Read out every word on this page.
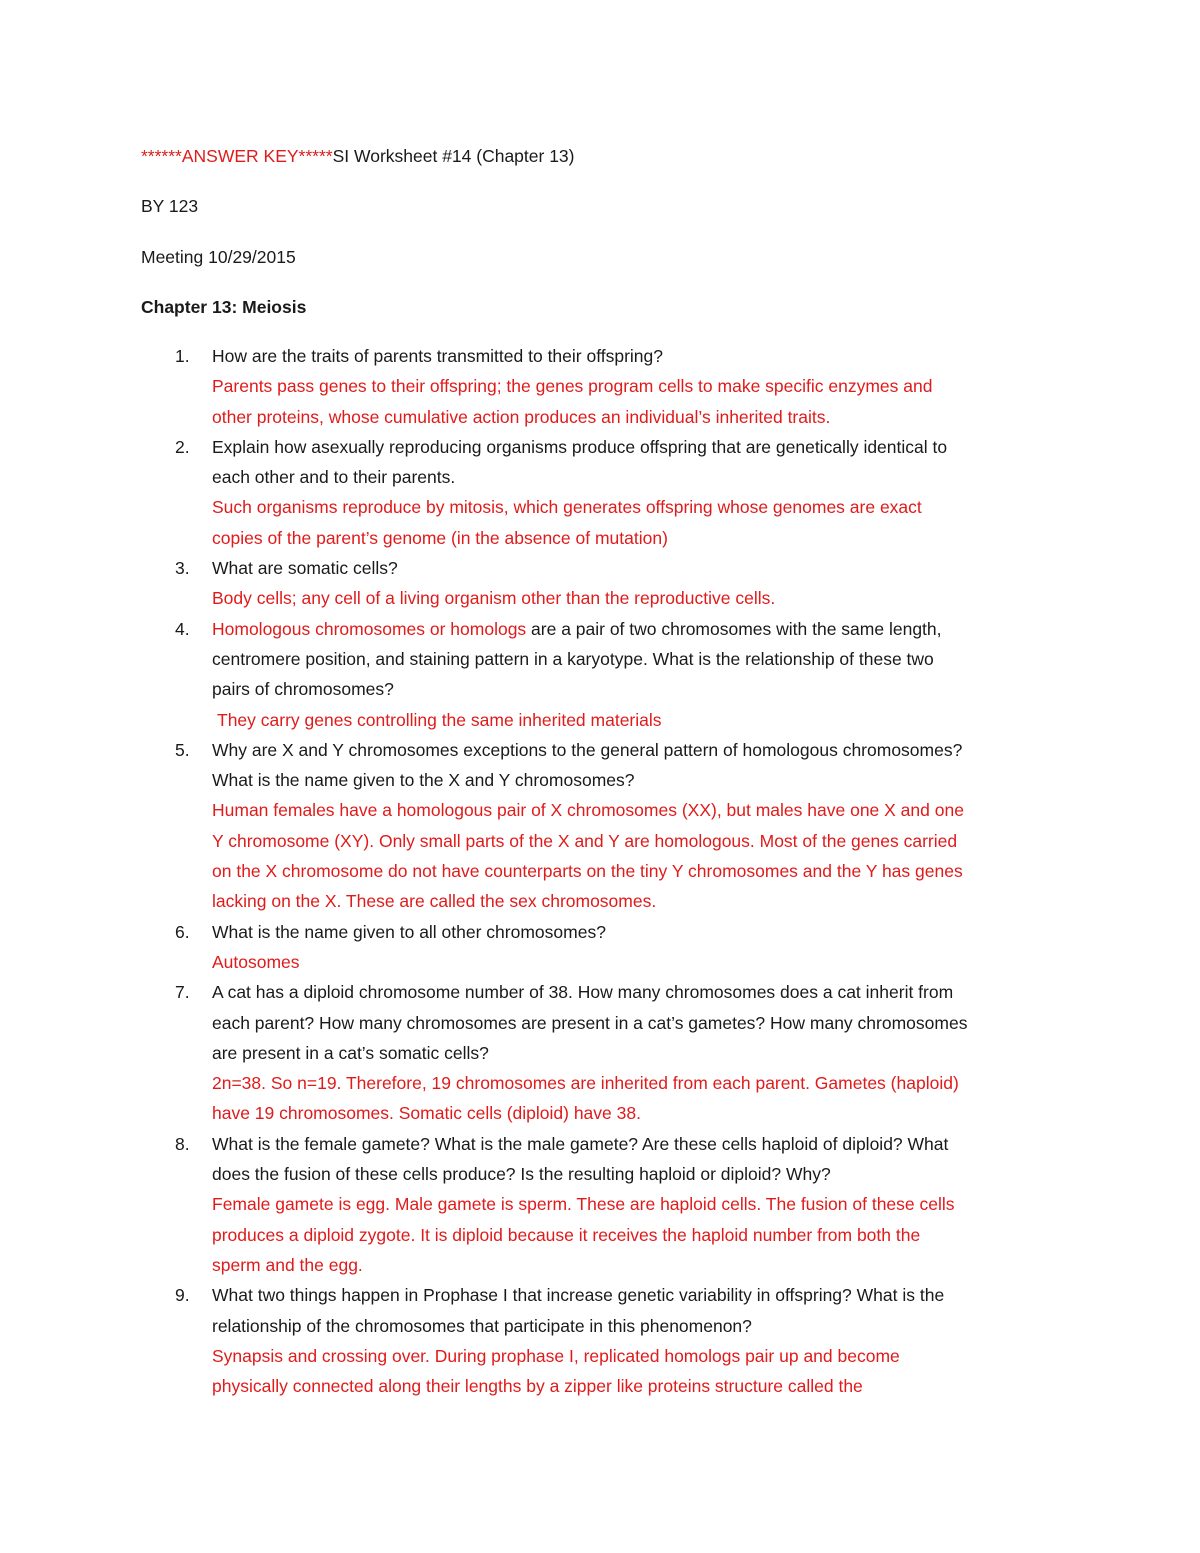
******ANSWER KEY*****SI Worksheet #14 (Chapter 13)
BY 123
Meeting 10/29/2015
Chapter 13: Meiosis
1. How are the traits of parents transmitted to their offspring?
Parents pass genes to their offspring; the genes program cells to make specific enzymes and
other proteins, whose cumulative action produces an individual’s inherited traits.
2. Explain how asexually reproducing organisms produce offspring that are genetically identical to
each other and to their parents.
Such organisms reproduce by mitosis, which generates offspring whose genomes are exact
copies of the parent’s genome (in the absence of mutation)
3. What are somatic cells?
Body cells; any cell of a living organism other than the reproductive cells.
4. Homologous chromosomes or homologs are a pair of two chromosomes with the same length,
centromere position, and staining pattern in a karyotype. What is the relationship of these two
pairs of chromosomes?
They carry genes controlling the same inherited materials
5. Why are X and Y chromosomes exceptions to the general pattern of homologous chromosomes?
What is the name given to the X and Y chromosomes?
Human females have a homologous pair of X chromosomes (XX), but males have one X and one
Y chromosome (XY). Only small parts of the X and Y are homologous. Most of the genes carried
on the X chromosome do not have counterparts on the tiny Y chromosomes and the Y has genes
lacking on the X. These are called the sex chromosomes.
6. What is the name given to all other chromosomes?
Autosomes
7. A cat has a diploid chromosome number of 38. How many chromosomes does a cat inherit from
each parent? How many chromosomes are present in a cat’s gametes? How many chromosomes
are present in a cat’s somatic cells?
2n=38. So n=19. Therefore, 19 chromosomes are inherited from each parent. Gametes (haploid)
have 19 chromosomes. Somatic cells (diploid) have 38.
8. What is the female gamete? What is the male gamete? Are these cells haploid of diploid? What
does the fusion of these cells produce? Is the resulting haploid or diploid? Why?
Female gamete is egg. Male gamete is sperm. These are haploid cells. The fusion of these cells
produces a diploid zygote. It is diploid because it receives the haploid number from both the
sperm and the egg.
9. What two things happen in Prophase I that increase genetic variability in offspring? What is the
relationship of the chromosomes that participate in this phenomenon?
Synapsis and crossing over. During prophase I, replicated homologs pair up and become
physically connected along their lengths by a zipper like proteins structure called the
